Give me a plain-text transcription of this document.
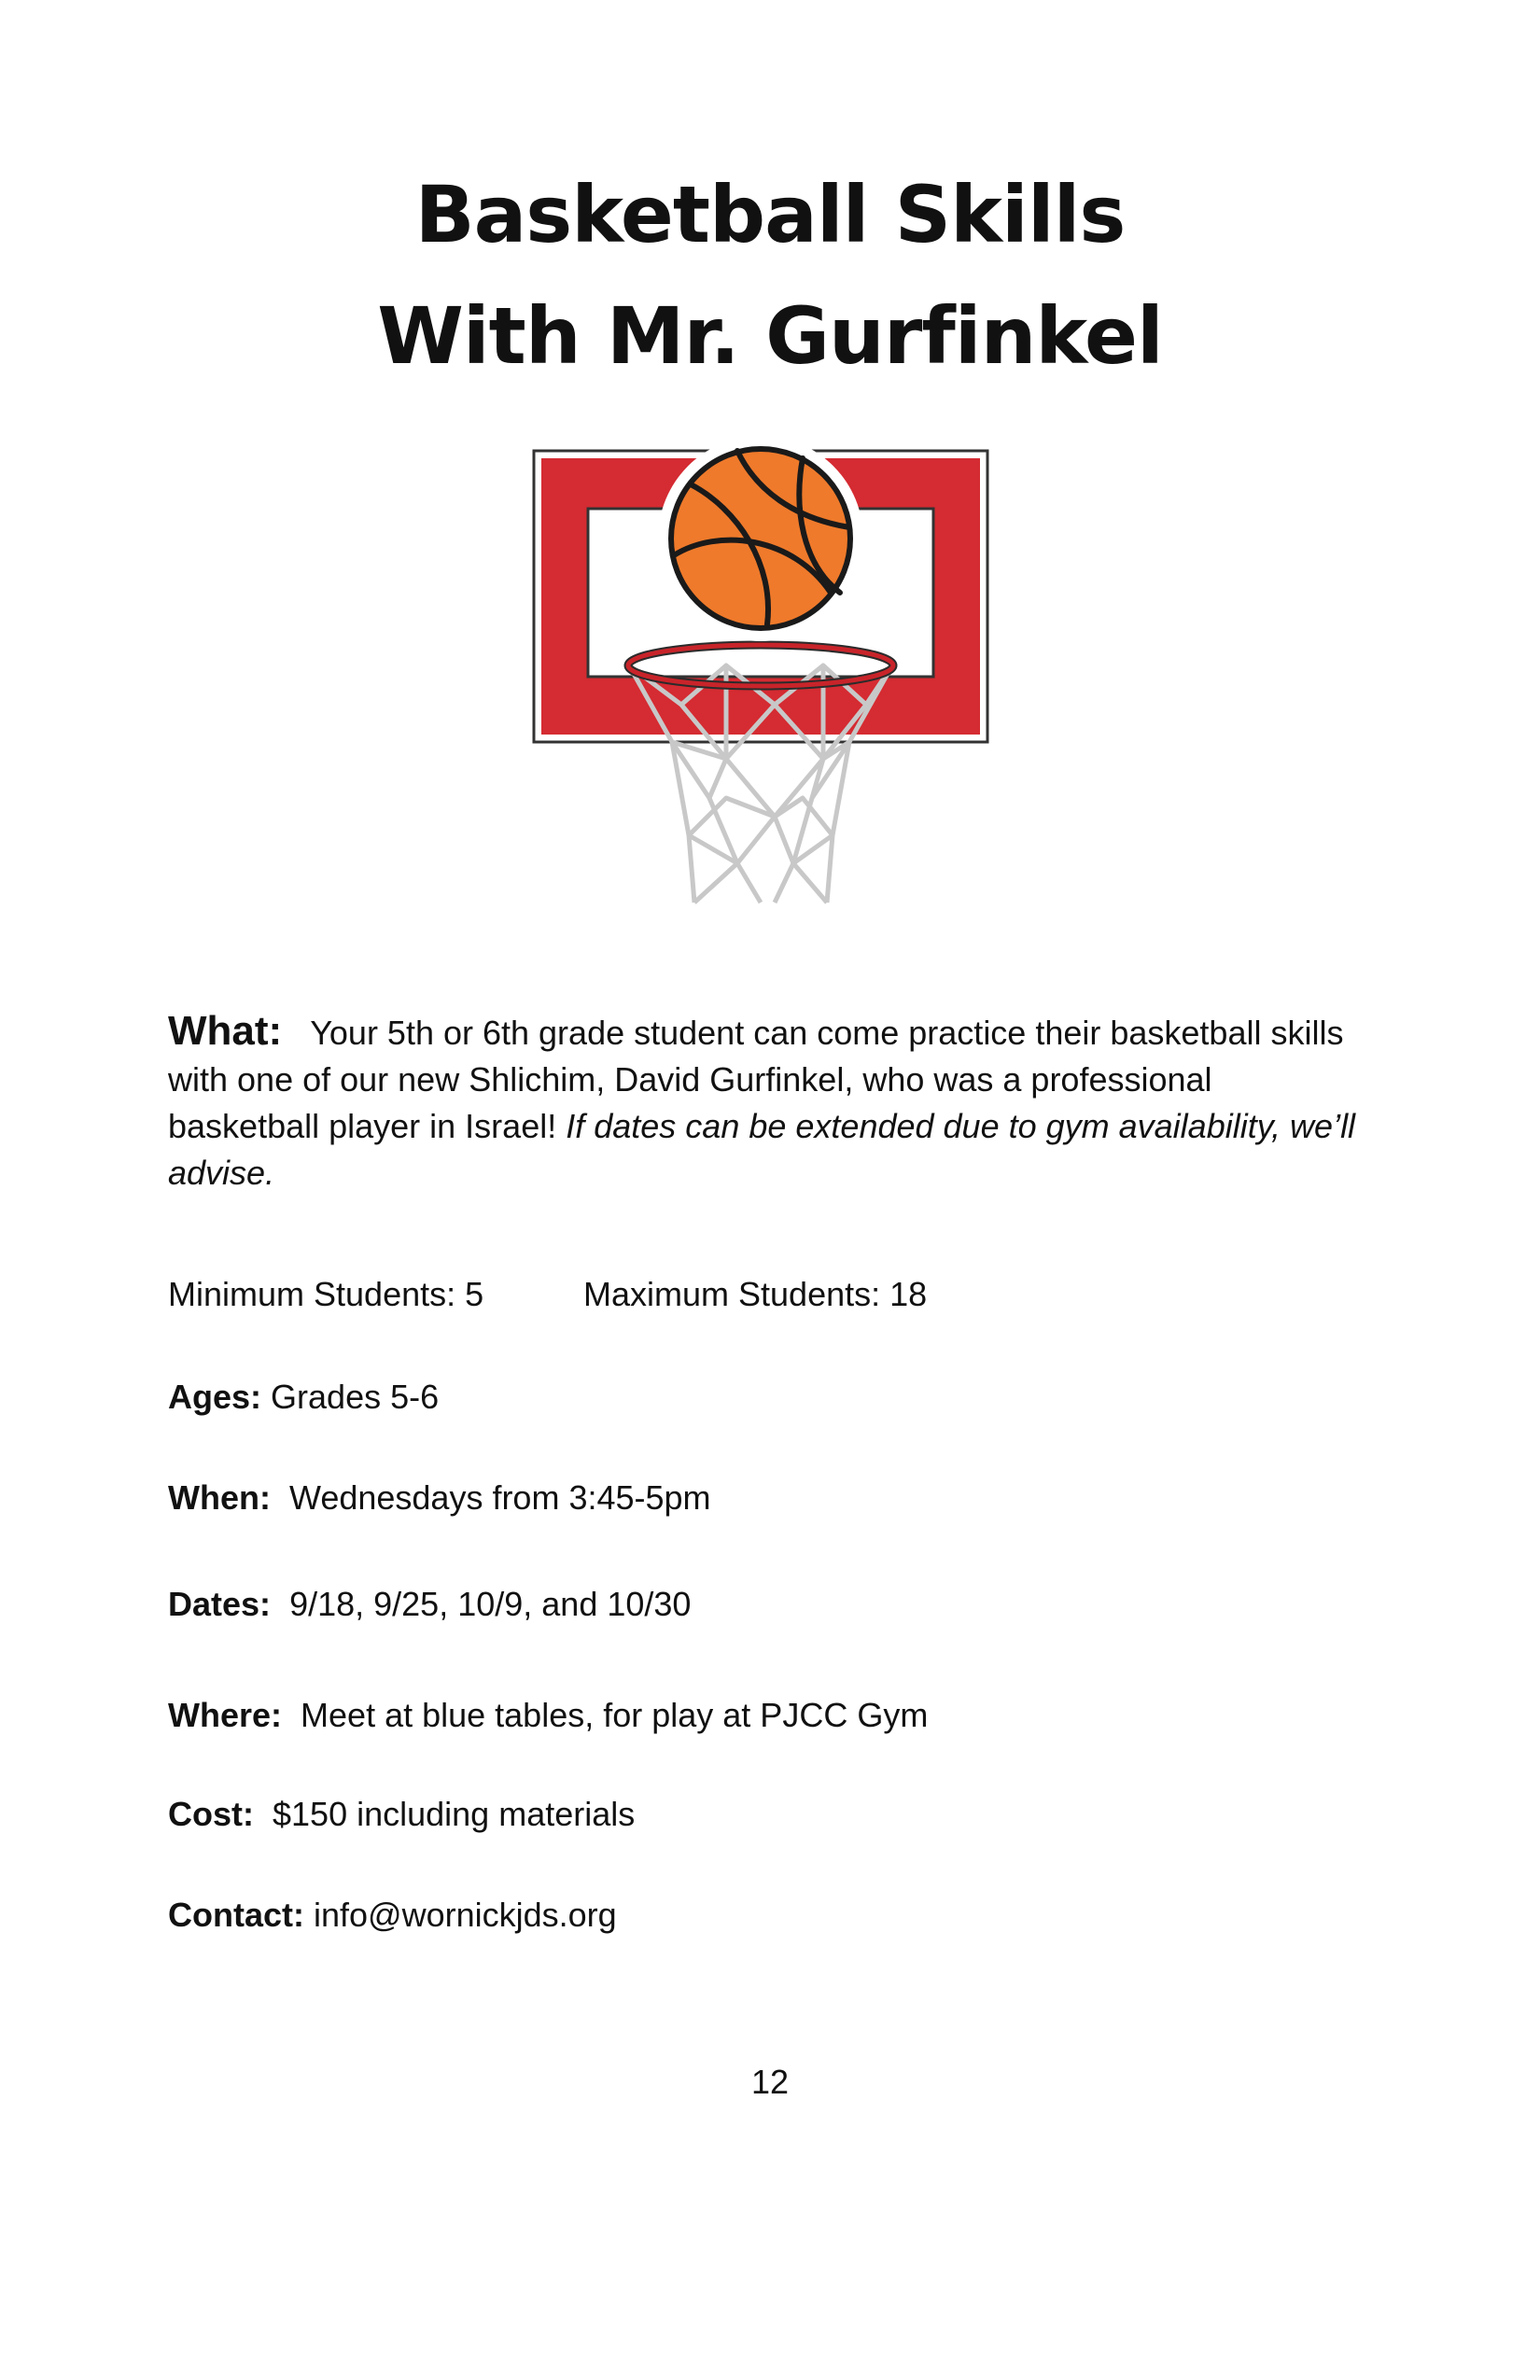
Basketball Skills
With Mr. Gurfinkel
What: Your 5th or 6th grade student can come practice their basketball skills with one of our new Shlichim, David Gurfinkel, who was a professional basketball player in Israel! If dates can be extended due to gym availability, we’ll advise.
Minimum Students: 5	Maximum Students: 18
Ages: Grades 5-6
When: Wednesdays from 3:45-5pm
Dates: 9/18, 9/25, 10/9, and 10/30
Where: Meet at blue tables, for play at PJCC Gym
Cost: $150 including materials
Contact: info@wornickjds.org
12
